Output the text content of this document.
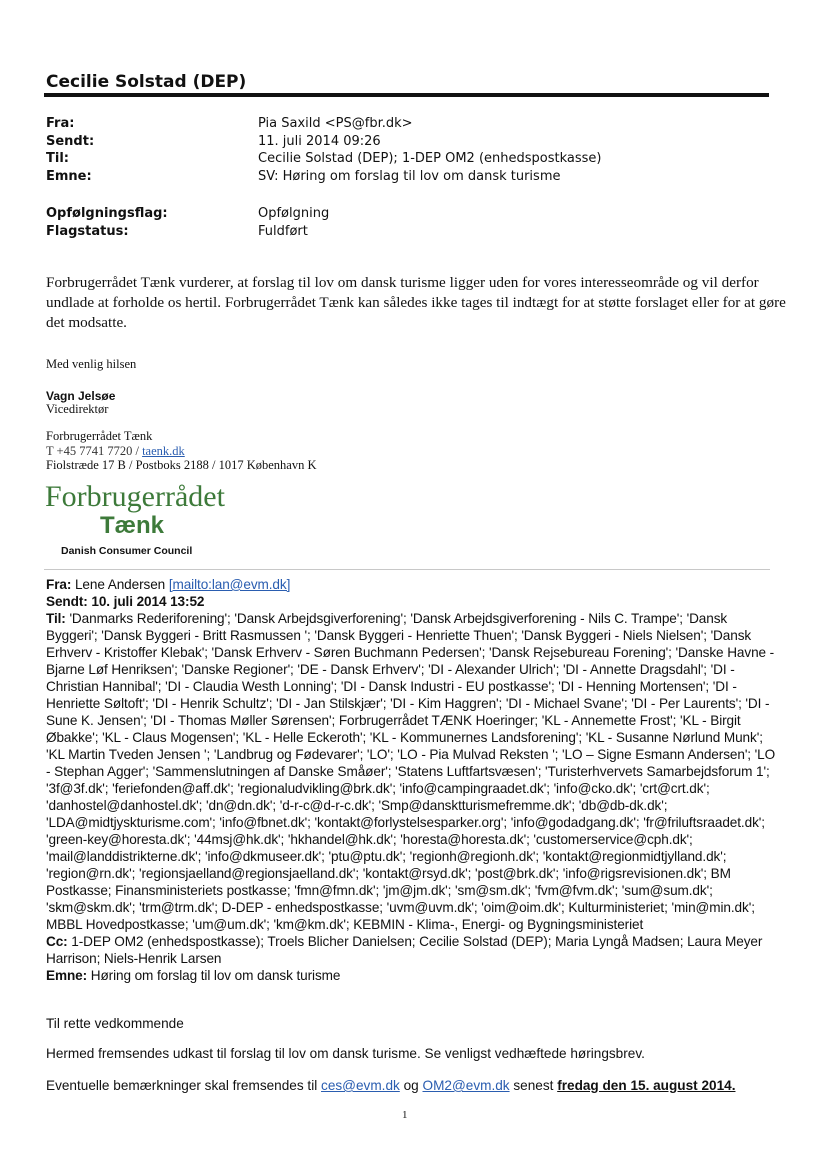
Cecilie Solstad (DEP)
Fra:	Pia Saxild <PS@fbr.dk>
Sendt:	11. juli 2014 09:26
Til:	Cecilie Solstad (DEP); 1-DEP OM2 (enhedspostkasse)
Emne:	SV: Høring om forslag til lov om dansk turisme
Opfølgningsflag:	Opfølgning
Flagstatus:	Fuldført
Forbrugerrådet Tænk vurderer, at forslag til lov om dansk turisme ligger uden for vores interesseområde og vil derfor undlade at forholde os hertil. Forbrugerrådet Tænk kan således ikke tages til indtægt for at støtte forslaget eller for at gøre det modsatte.
Med venlig hilsen
Vagn Jelsøe
Vicedirektør
Forbrugerrådet Tænk
T +45 7741 7720 / taenk.dk
Fiolstræde 17 B / Postboks 2188 / 1017 København K
Forbrugerrådet
Tænk
Danish Consumer Council
Fra: Lene Andersen [mailto:lan@evm.dk]
Sendt: 10. juli 2014 13:52
Til: 'Danmarks Rederiforening'; 'Dansk Arbejdsgiverforening'; 'Dansk Arbejdsgiverforening - Nils C. Trampe'; 'Dansk Byggeri'; 'Dansk Byggeri - Britt Rasmussen '; 'Dansk Byggeri - Henriette Thuen'; 'Dansk Byggeri - Niels Nielsen'; 'Dansk Erhverv - Kristoffer Klebak'; 'Dansk Erhverv - Søren Buchmann Pedersen'; 'Dansk Rejsebureau Forening'; 'Danske Havne - Bjarne Løf Henriksen'; 'Danske Regioner'; 'DE - Dansk Erhverv'; 'DI - Alexander Ulrich'; 'DI - Annette Dragsdahl'; 'DI - Christian Hannibal'; 'DI - Claudia Westh Lonning'; 'DI - Dansk Industri - EU postkasse'; 'DI - Henning Mortensen'; 'DI - Henriette Søltoft'; 'DI - Henrik Schultz'; 'DI - Jan Stilskjær'; 'DI - Kim Haggren'; 'DI - Michael Svane'; 'DI - Per Laurents'; 'DI - Sune K. Jensen'; 'DI - Thomas Møller Sørensen'; Forbrugerrådet TÆNK Hoeringer; 'KL - Annemette Frost'; 'KL - Birgit Øbakke'; 'KL - Claus Mogensen'; 'KL - Helle Eckeroth'; 'KL - Kommunernes Landsforening'; 'KL - Susanne Nørlund Munk'; 'KL Martin Tveden Jensen '; 'Landbrug og Fødevarer'; 'LO'; 'LO - Pia Mulvad Reksten '; 'LO – Signe Esmann Andersen'; 'LO - Stephan Agger'; 'Sammenslutningen af Danske Småøer'; 'Statens Luftfartsvæsen'; 'Turisterhvervets Samarbejdsforum 1'; '3f@3f.dk'; 'feriefonden@aff.dk'; 'regionaludvikling@brk.dk'; 'info@campingraadet.dk'; 'info@cko.dk'; 'crt@crt.dk'; 'danhostel@danhostel.dk'; 'dn@dn.dk'; 'd-r-c@d-r-c.dk'; 'Smp@dansktturismefremme.dk'; 'db@db-dk.dk'; 'LDA@midtjyskturisme.com'; 'info@fbnet.dk'; 'kontakt@forlystelsesparker.org'; 'info@godadgang.dk'; 'fr@friluftsraadet.dk'; 'green-key@horesta.dk'; '44msj@hk.dk'; 'hkhandel@hk.dk'; 'horesta@horesta.dk'; 'customerservice@cph.dk'; 'mail@landdistrikterne.dk'; 'info@dkmuseer.dk'; 'ptu@ptu.dk'; 'regionh@regionh.dk'; 'kontakt@regionmidtjylland.dk'; 'region@rn.dk'; 'regionsjaelland@regionsjaelland.dk'; 'kontakt@rsyd.dk'; 'post@brk.dk'; 'info@rigsrevisionen.dk'; BM Postkasse; Finansministeriets postkasse; 'fmn@fmn.dk'; 'jm@jm.dk'; 'sm@sm.dk'; 'fvm@fvm.dk'; 'sum@sum.dk'; 'skm@skm.dk'; 'trm@trm.dk'; D-DEP - enhedspostkasse; 'uvm@uvm.dk'; 'oim@oim.dk'; Kulturministeriet; 'min@min.dk'; MBBL Hovedpostkasse; 'um@um.dk'; 'km@km.dk'; KEBMIN - Klima-, Energi- og Bygningsministeriet
Cc: 1-DEP OM2 (enhedspostkasse); Troels Blicher Danielsen; Cecilie Solstad (DEP); Maria Lyngå Madsen; Laura Meyer Harrison; Niels-Henrik Larsen
Emne: Høring om forslag til lov om dansk turisme
Til rette vedkommende
Hermed fremsendes udkast til forslag til lov om dansk turisme. Se venligst vedhæftede høringsbrev.
Eventuelle bemærkninger skal fremsendes til ces@evm.dk og OM2@evm.dk senest fredag den 15. august 2014.
1
